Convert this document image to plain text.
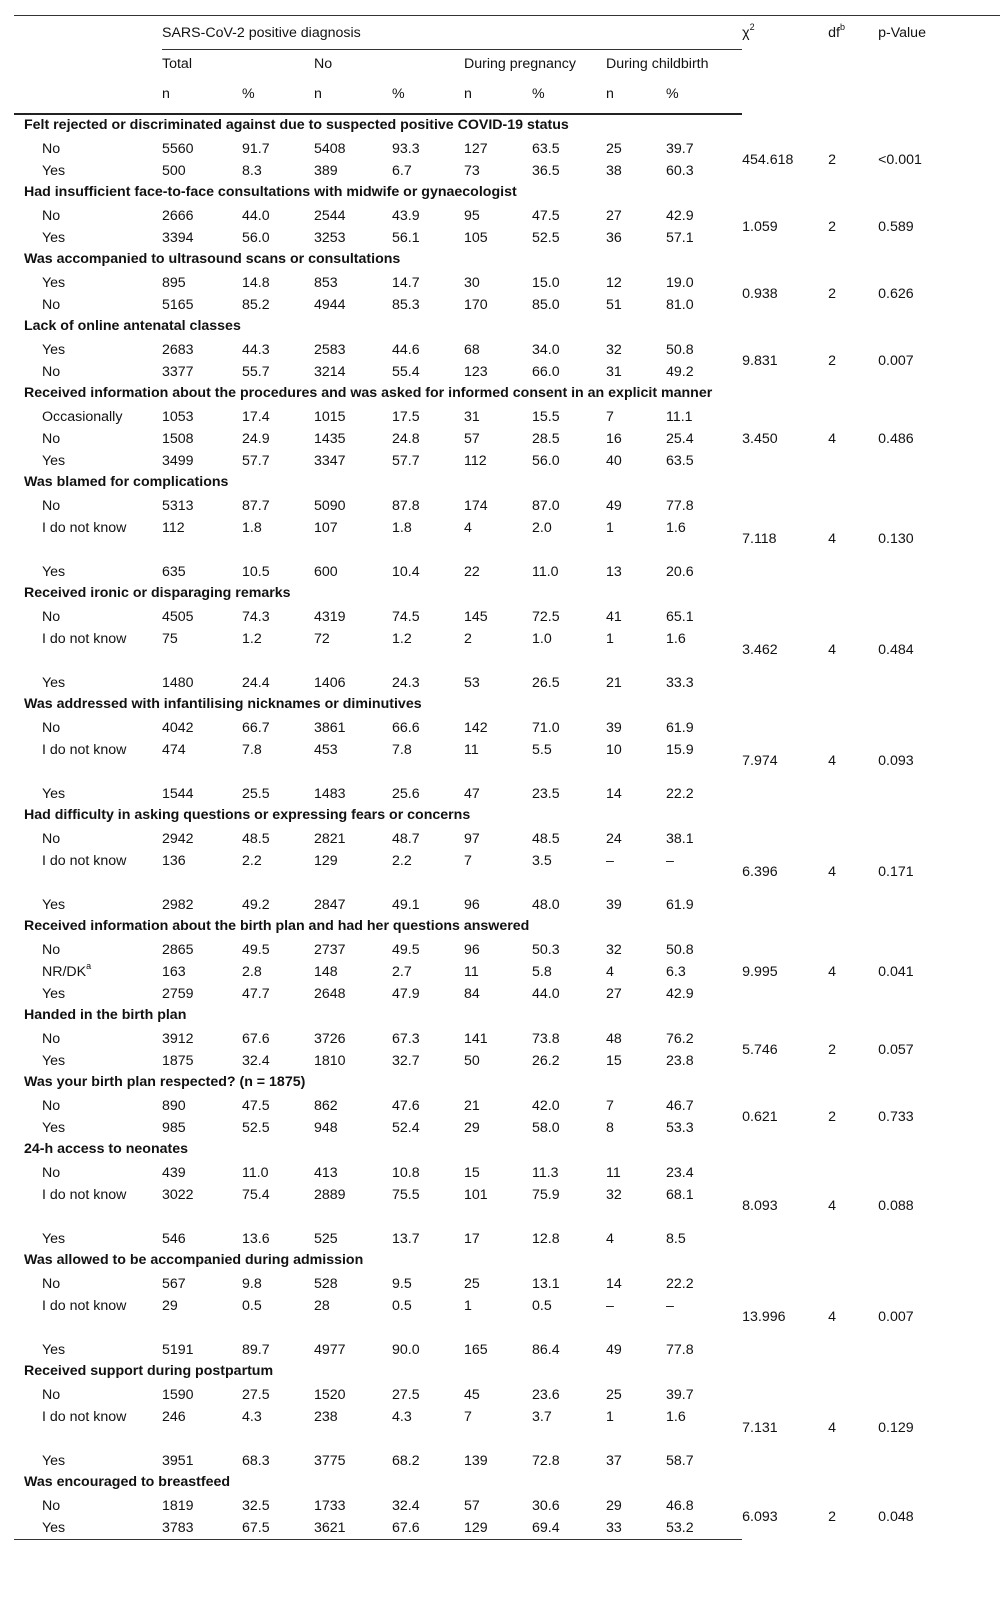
	SARS-CoV-2 positive diagnosis								$\chi^2$	$df^b$	p-Value
	Total		No		During pregnancy		During childbirth				
	n	%	n	%	n	%	n	%			
Felt rejected or discriminated against due to suspected positive COVID-19 status											
No	5560	91.7	5408	93.3	127	63.5	25	39.7	454.618	2	<0.001
Yes	500	8.3	389	6.7	73	36.5	38	60.3			
Had insufficient face-to-face consultations with midwife or gynaecologist											
No	2666	44.0	2544	43.9	95	47.5	27	42.9	1.059	2	0.589
Yes	3394	56.0	3253	56.1	105	52.5	36	57.1			
Was accompanied to ultrasound scans or consultations											
Yes	895	14.8	853	14.7	30	15.0	12	19.0	0.938	2	0.626
No	5165	85.2	4944	85.3	170	85.0	51	81.0			
Lack of online antenatal classes											
Yes	2683	44.3	2583	44.6	68	34.0	32	50.8	9.831	2	0.007
No	3377	55.7	3214	55.4	123	66.0	31	49.2			
Received information about the procedures and was asked for informed consent in an explicit manner											
Occasionally	1053	17.4	1015	17.5	31	15.5	7	11.1	3.450	4	0.486
No	1508	24.9	1435	24.8	57	28.5	16	25.4			
Yes	3499	57.7	3347	57.7	112	56.0	40	63.5			
Was blamed for complications											
No	5313	87.7	5090	87.8	174	87.0	49	77.8	7.118	4	0.130
I do not know	112	1.8	107	1.8	4	2.0	1	1.6			
Yes	635	10.5	600	10.4	22	11.0	13	20.6			
Received ironic or disparaging remarks											
No	4505	74.3	4319	74.5	145	72.5	41	65.1	3.462	4	0.484
I do not know	75	1.2	72	1.2	2	1.0	1	1.6			
Yes	1480	24.4	1406	24.3	53	26.5	21	33.3			
Was addressed with infantilising nicknames or diminutives											
No	4042	66.7	3861	66.6	142	71.0	39	61.9	7.974	4	0.093
I do not know	474	7.8	453	7.8	11	5.5	10	15.9			
Yes	1544	25.5	1483	25.6	47	23.5	14	22.2			
Had difficulty in asking questions or expressing fears or concerns											
No	2942	48.5	2821	48.7	97	48.5	24	38.1	6.396	4	0.171
I do not know	136	2.2	129	2.2	7	3.5	–	–			
Yes	2982	49.2	2847	49.1	96	48.0	39	61.9			
Received information about the birth plan and had her questions answered											
No	2865	49.5	2737	49.5	96	50.3	32	50.8	9.995	4	0.041
$NR/DK^a$	163	2.8	148	2.7	11	5.8	4	6.3			
Yes	2759	47.7	2648	47.9	84	44.0	27	42.9			
Handed in the birth plan											
No	3912	67.6	3726	67.3	141	73.8	48	76.2	5.746	2	0.057
Yes	1875	32.4	1810	32.7	50	26.2	15	23.8			
Was your birth plan respected? (n = 1875)											
No	890	47.5	862	47.6	21	42.0	7	46.7	0.621	2	0.733
Yes	985	52.5	948	52.4	29	58.0	8	53.3			
24-h access to neonates											
No	439	11.0	413	10.8	15	11.3	11	23.4	8.093	4	0.088
I do not know	3022	75.4	2889	75.5	101	75.9	32	68.1			
Yes	546	13.6	525	13.7	17	12.8	4	8.5			
Was allowed to be accompanied during admission											
No	567	9.8	528	9.5	25	13.1	14	22.2	13.996	4	0.007
I do not know	29	0.5	28	0.5	1	0.5	–	–			
Yes	5191	89.7	4977	90.0	165	86.4	49	77.8			
Received support during postpartum											
No	1590	27.5	1520	27.5	45	23.6	25	39.7	7.131	4	0.129
I do not know	246	4.3	238	4.3	7	3.7	1	1.6			
Yes	3951	68.3	3775	68.2	139	72.8	37	58.7			
Was encouraged to breastfeed											
No	1819	32.5	1733	32.4	57	30.6	29	46.8	6.093	2	0.048
Yes	3783	67.5	3621	67.6	129	69.4	33	53.2			
